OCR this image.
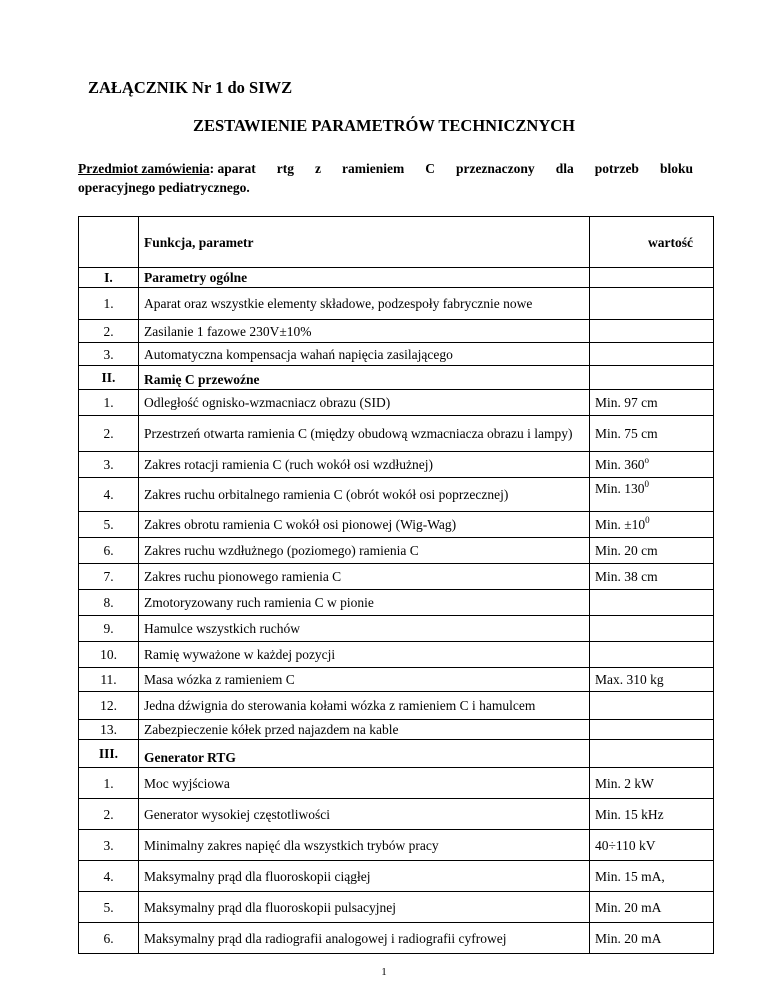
ZAŁĄCZNIK Nr 1 do SIWZ

ZESTAWIENIE PARAMETRÓW TECHNICZNYCH

Przedmiot zamówienia: aparat rtg z ramieniem C przeznaczony dla potrzeb bloku
operacyjnego pediatrycznego.
	Funkcja, parametr	wartość
I.	Parametry ogólne	
1.	Aparat oraz wszystkie elementy składowe, podzespoły fabrycznie nowe	
2.	Zasilanie 1 fazowe 230V±10%	
3.	Automatyczna kompensacja wahań napięcia zasilającego	
II.	Ramię C przewoźne	
1.	Odległość ognisko-wzmacniacz obrazu (SID)	Min. 97 cm
2.	Przestrzeń otwarta ramienia C (między obudową wzmacniacza obrazu i lampy)	Min. 75 cm
3.	Zakres rotacji ramienia C (ruch wokół osi wzdłużnej)	Min. 360$^o$
4.	Zakres ruchu orbitalnego ramienia C (obrót wokół osi poprzecznej)	Min. $130^0$
5.	Zakres obrotu ramienia C wokół osi pionowej (Wig-Wag)	Min. $\pm 10^0$
6.	Zakres ruchu wzdłużnego (poziomego) ramienia C	Min. 20 cm
7.	Zakres ruchu pionowego ramienia C	Min. 38 cm
8.	Zmotoryzowany ruch ramienia C w pionie	
9.	Hamulce wszystkich ruchów	
10.	Ramię wyważone w każdej pozycji	
11.	Masa wózka z ramieniem C	Max. 310 kg
12.	Jedna dźwignia do sterowania kołami wózka z ramieniem C i hamulcem	
13.	Zabezpieczenie kółek przed najazdem na kable	
III.	Generator RTG	
1.	Moc wyjściowa	Min. 2 kW
2.	Generator wysokiej częstotliwości	Min. 15 kHz
3.	Minimalny zakres napięć dla wszystkich trybów pracy	40÷110 kV
4.	Maksymalny prąd dla fluoroskopii ciągłej	Min. 15 mA,
5.	Maksymalny prąd dla fluoroskopii pulsacyjnej	Min. 20 mA
6.	Maksymalny prąd dla radiografii analogowej i radiografii cyfrowej	Min. 20 mA
1
